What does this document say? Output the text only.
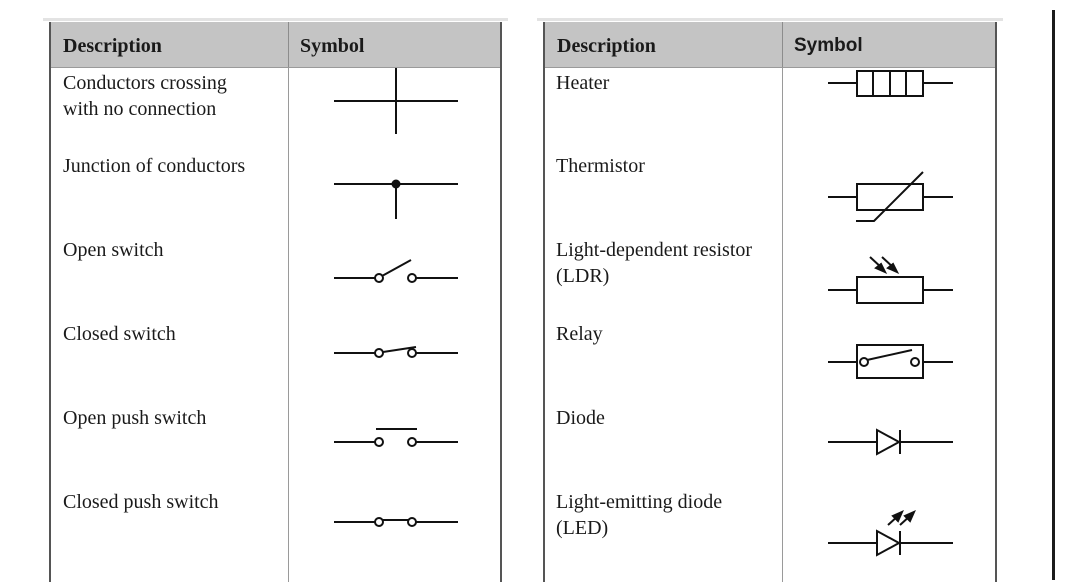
Description	Symbol
Conductors crossing
with no connection
Junction of conductors
Open switch
Closed switch
Open push switch
Closed push switch
Description	Symbol
Heater
Thermistor
Light-dependent resistor
(LDR)
Relay
Diode
Light-emitting diode
(LED)
